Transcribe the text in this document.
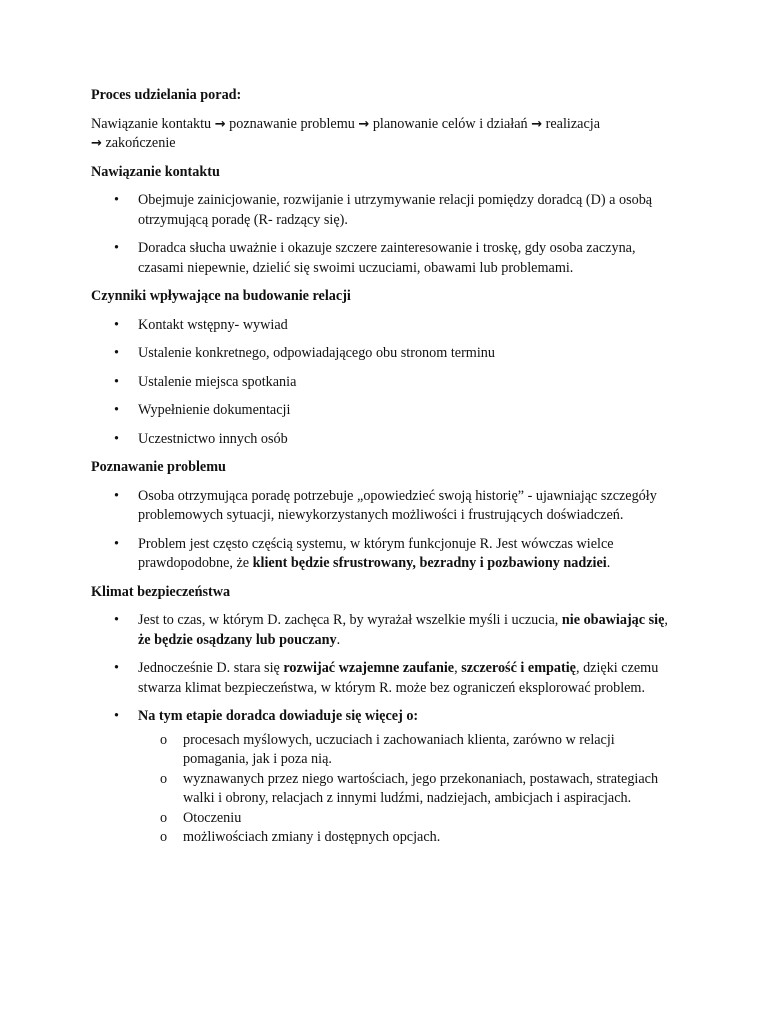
Proces udzielania porad:

Nawiązanie kontaktu → poznawanie problemu → planowanie celów i działań → realizacja
→ zakończenie

Nawiązanie kontaktu

• Obejmuje zainicjowanie, rozwijanie i utrzymywanie relacji pomiędzy doradcą (D) a osobą otrzymującą poradę (R- radzący się).
• Doradca słucha uważnie i okazuje szczere zainteresowanie i troskę, gdy osoba zaczyna, czasami niepewnie, dzielić się swoimi uczuciami, obawami lub problemami.

Czynniki wpływające na budowanie relacji

• Kontakt wstępny- wywiad
• Ustalenie konkretnego, odpowiadającego obu stronom terminu
• Ustalenie miejsca spotkania
• Wypełnienie dokumentacji
• Uczestnictwo innych osób

Poznawanie problemu

• Osoba otrzymująca poradę potrzebuje „opowiedzieć swoją historię” - ujawniając szczegóły problemowych sytuacji, niewykorzystanych możliwości i frustrujących doświadczeń.
• Problem jest często częścią systemu, w którym funkcjonuje R. Jest wówczas wielce prawdopodobne, że klient będzie sfrustrowany, bezradny i pozbawiony nadziei.

Klimat bezpieczeństwa

• Jest to czas, w którym D. zachęca R, by wyrażał wszelkie myśli i uczucia, nie obawiając się, że będzie osądzany lub pouczany.
• Jednocześnie D. stara się rozwijać wzajemne zaufanie, szczerość i empatię, dzięki czemu stwarza klimat bezpieczeństwa, w którym R. może bez ograniczeń eksplorować problem.
• Na tym etapie doradca dowiaduje się więcej o:
o procesach myślowych, uczuciach i zachowaniach klienta, zarówno w relacji pomagania, jak i poza nią.
o wyznawanych przez niego wartościach, jego przekonaniach, postawach, strategiach walki i obrony, relacjach z innymi ludźmi, nadziejach, ambicjach i aspiracjach.
o Otoczeniu
o możliwościach zmiany i dostępnych opcjach.
